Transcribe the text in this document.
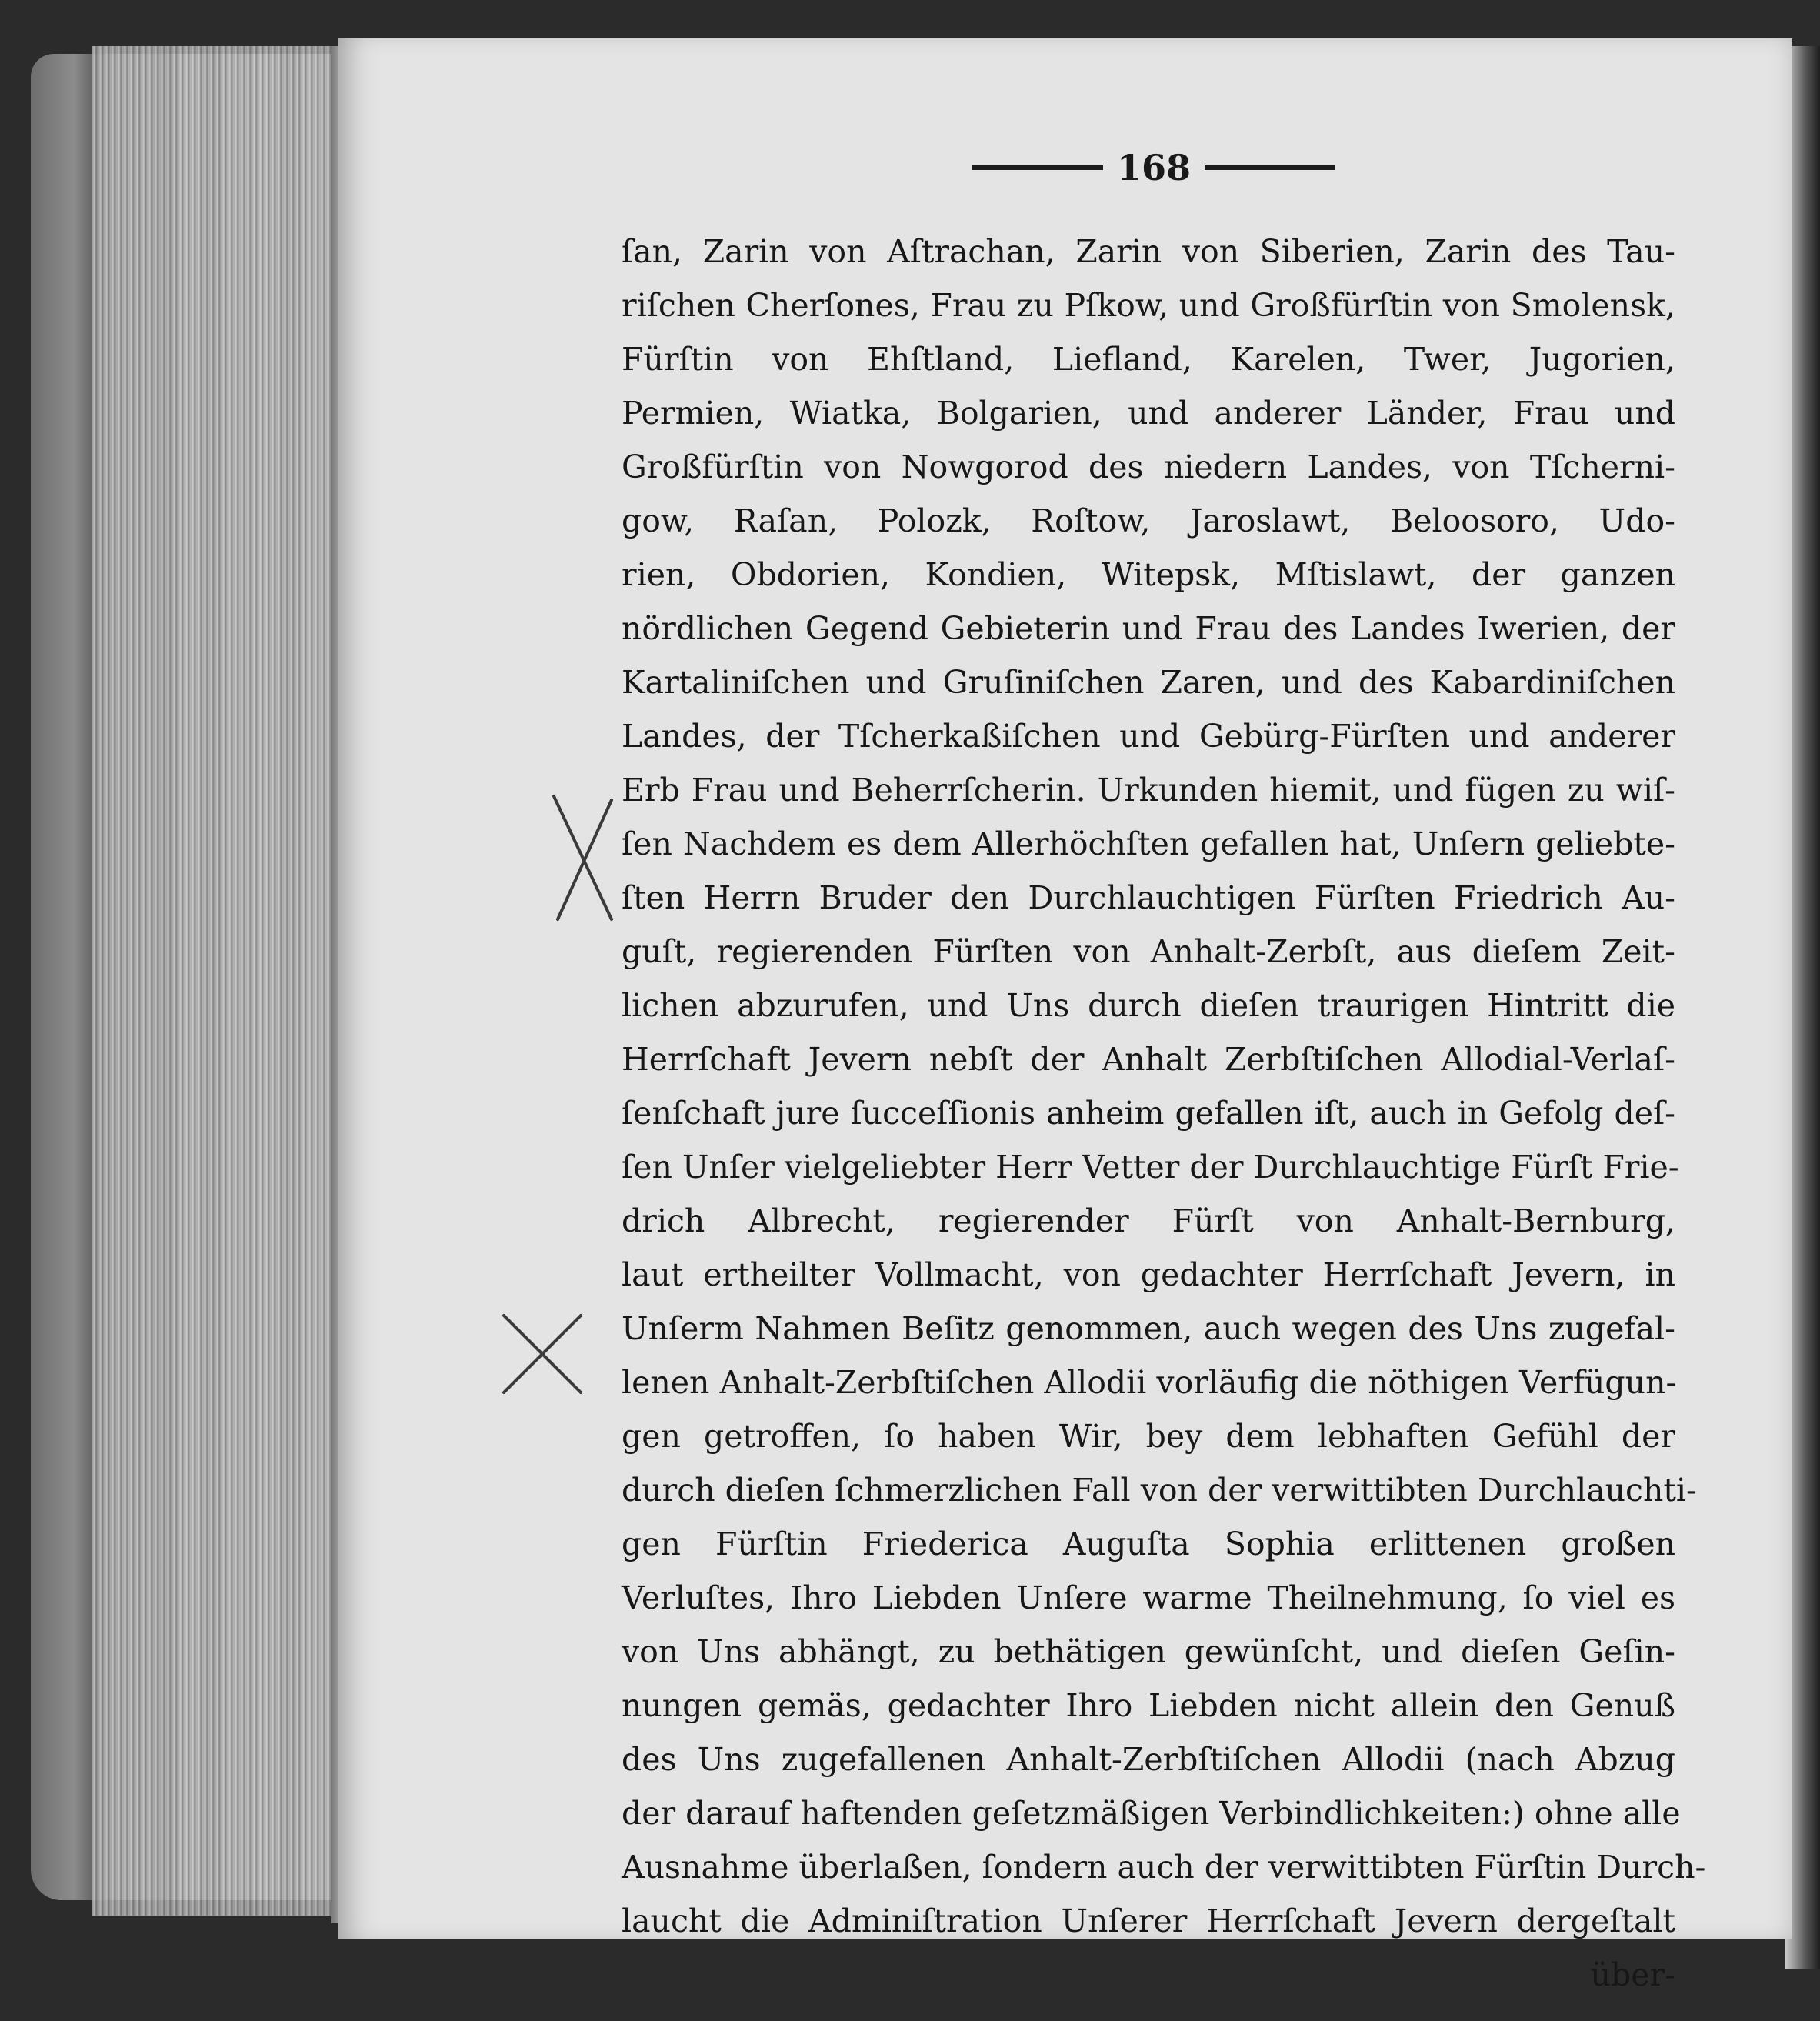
168
ſan, Zarin von Aſtrachan, Zarin von Siberien, Zarin des Tau-
riſchen Cherſones, Frau zu Pſkow, und Großfürſtin von Smolensk,
Fürſtin von Ehſtland, Liefland, Karelen, Twer, Jugorien,
Permien, Wiatka, Bolgarien, und anderer Länder, Frau und
Großfürſtin von Nowgorod des niedern Landes, von Tſcherni-
gow, Raſan, Polozk, Roſtow, Jaroslawt, Beloosoro, Udo-
rien, Obdorien, Kondien, Witepsk, Mſtislawt, der ganzen
nördlichen Gegend Gebieterin und Frau des Landes Iwerien, der
Kartaliniſchen und Gruſiniſchen Zaren, und des Kabardiniſchen
Landes, der Tſcherkaßiſchen und Gebürg-Fürſten und anderer
Erb Frau und Beherrſcherin. Urkunden hiemit, und fügen zu wiſ-
ſen Nachdem es dem Allerhöchſten gefallen hat, Unſern geliebte-
ſten Herrn Bruder den Durchlauchtigen Fürſten Friedrich Au-
guſt, regierenden Fürſten von Anhalt-Zerbſt, aus dieſem Zeit-
lichen abzurufen, und Uns durch dieſen traurigen Hintritt die
Herrſchaft Jevern nebſt der Anhalt Zerbſtiſchen Allodial-Verlaſ-
ſenſchaft jure ſucceſſionis anheim gefallen iſt, auch in Gefolg deſ-
ſen Unſer vielgeliebter Herr Vetter der Durchlauchtige Fürſt Frie-
drich Albrecht, regierender Fürſt von Anhalt-Bernburg,
laut ertheilter Vollmacht, von gedachter Herrſchaft Jevern, in
Unſerm Nahmen Beſitz genommen, auch wegen des Uns zugefal-
lenen Anhalt-Zerbſtiſchen Allodii vorläufig die nöthigen Verfügun-
gen getroffen, ſo haben Wir, bey dem lebhaften Gefühl der
durch dieſen ſchmerzlichen Fall von der verwittibten Durchlauchti-
gen Fürſtin Friederica Auguſta Sophia erlittenen großen
Verluſtes, Ihro Liebden Unſere warme Theilnehmung, ſo viel es
von Uns abhängt, zu bethätigen gewünſcht, und dieſen Geſin-
nungen gemäs, gedachter Ihro Liebden nicht allein den Genuß
des Uns zugefallenen Anhalt-Zerbſtiſchen Allodii (nach Abzug
der darauf haftenden geſetzmäßigen Verbindlichkeiten:) ohne alle
Ausnahme überlaßen, ſondern auch der verwittibten Fürſtin Durch-
laucht die Adminiſtration Unſerer Herrſchaft Jevern dergeſtalt
über-
